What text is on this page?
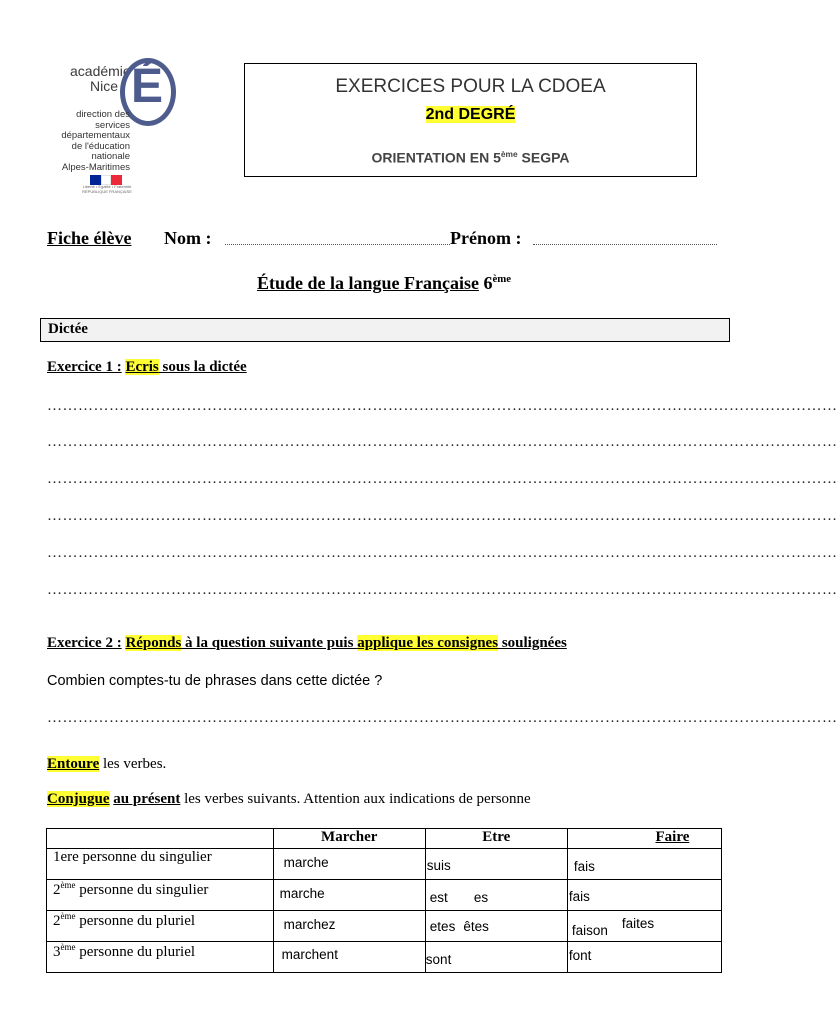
académie
Nice É
direction des services
départementaux
de l'éducation nationale
Alpes-Maritimes
Liberté • Égalité • Fraternité RÉPUBLIQUE FRANÇAISE
EXERCICES POUR LA CDOEA
2nd DEGRÉ
ORIENTATION EN 5ème SEGPA
Fiche élève Nom :	Prénom :
Étude de la langue Française 6ème
Dictée
Exercice 1 : Ecris sous la dictée
………………………………………………………………………………………………………………………………………
………………………………………………………………………………………………………………………………………
………………………………………………………………………………………………………………………………………
………………………………………………………………………………………………………………………………………
………………………………………………………………………………………………………………………………………
………………………………………………………………………………………………………………………………………
Exercice 2 : Réponds à la question suivante puis applique les consignes soulignées
Combien comptes-tu de phrases dans cette dictée ?
………………………………………………………………………………………………………………………………………
Entoure les verbes.
Conjugue au présent les verbes suivants. Attention aux indications de personne
	Marcher	Etre	Faire
1ere personne du singulier	marche	suis	fais
2ème personne du singulier	marche	est es	fais
2ème personne du pluriel	marchez	etes êtes	faison faites
3ème personne du pluriel	marchent	sont	font
